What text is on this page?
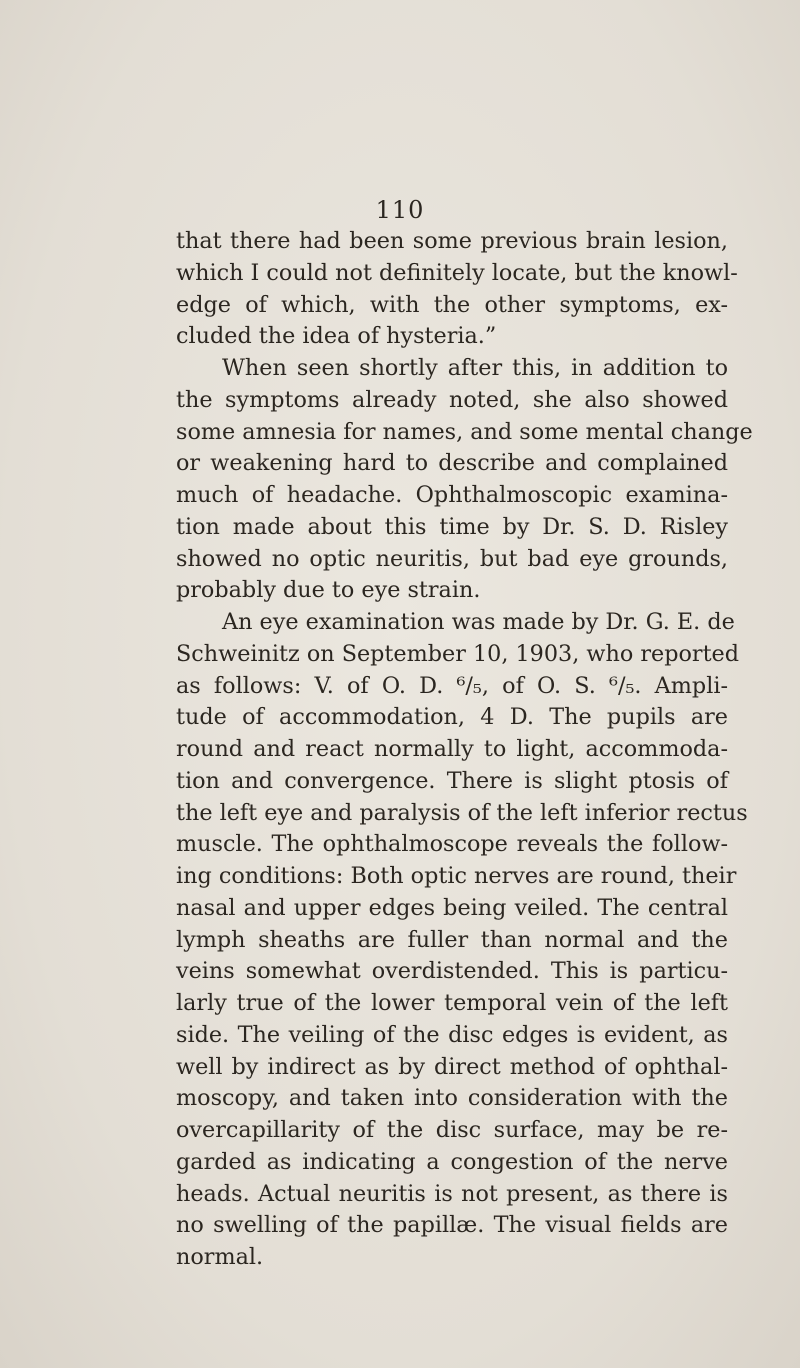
110
that there had been some previous brain lesion,
which I could not definitely locate, but the knowl-
edge of which, with the other symptoms, ex-
cluded the idea of hysteria.”
When seen shortly after this, in addition to
the symptoms already noted, she also showed
some amnesia for names, and some mental change
or weakening hard to describe and complained
much of headache. Ophthalmoscopic examina-
tion made about this time by Dr. S. D. Risley
showed no optic neuritis, but bad eye grounds,
probably due to eye strain.
An eye examination was made by Dr. G. E. de
Schweinitz on September 10, 1903, who reported
as follows: V. of O. D. ⁶/₅, of O. S. ⁶/₅. Ampli-
tude of accommodation, 4 D. The pupils are
round and react normally to light, accommoda-
tion and convergence. There is slight ptosis of
the left eye and paralysis of the left inferior rectus
muscle. The ophthalmoscope reveals the follow-
ing conditions: Both optic nerves are round, their
nasal and upper edges being veiled. The central
lymph sheaths are fuller than normal and the
veins somewhat overdistended. This is particu-
larly true of the lower temporal vein of the left
side. The veiling of the disc edges is evident, as
well by indirect as by direct method of ophthal-
moscopy, and taken into consideration with the
overcapillarity of the disc surface, may be re-
garded as indicating a congestion of the nerve
heads. Actual neuritis is not present, as there is
no swelling of the papillæ. The visual fields are
normal.
